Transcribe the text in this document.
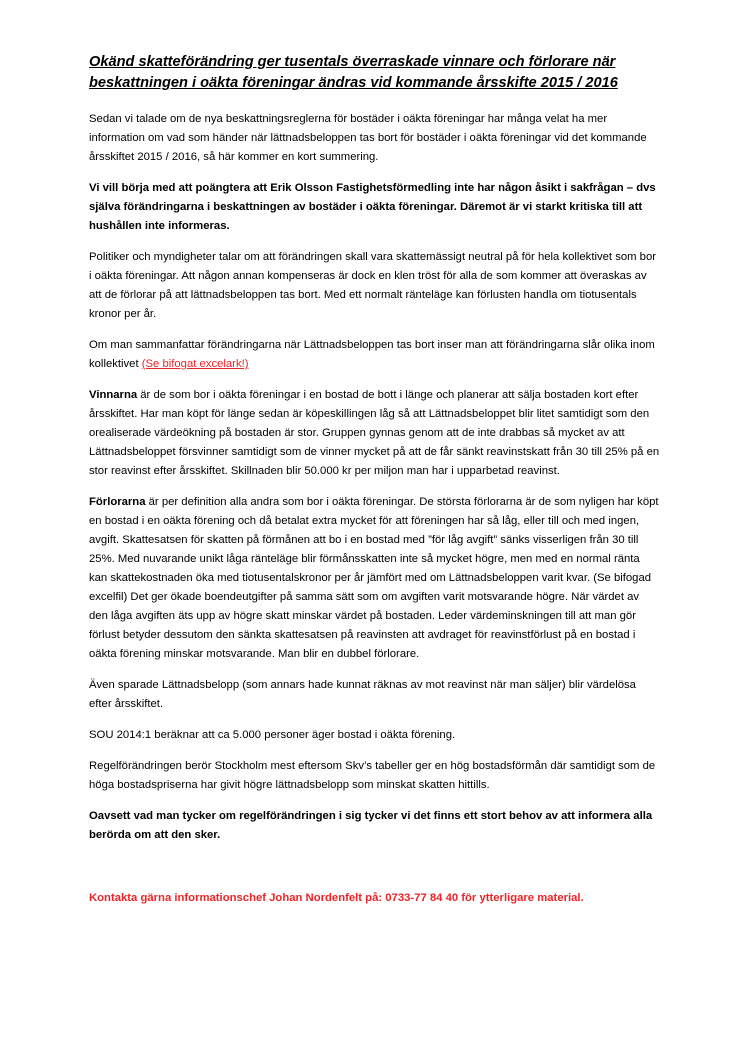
Okänd skatteförändring ger tusentals överraskade vinnare och förlorare när beskattningen i oäkta föreningar ändras vid kommande årsskifte 2015 / 2016

Sedan vi talade om de nya beskattningsreglerna för bostäder i oäkta föreningar har många velat ha mer information om vad som händer när lättnadsbeloppen tas bort för bostäder i oäkta föreningar vid det kommande årsskiftet 2015 / 2016, så här kommer en kort summering.

Vi vill börja med att poängtera att Erik Olsson Fastighetsförmedling inte har någon åsikt i sakfrågan – dvs själva förändringarna i beskattningen av bostäder i oäkta föreningar. Däremot är vi starkt kritiska till att hushållen inte informeras.

Politiker och myndigheter talar om att förändringen skall vara skattemässigt neutral på för hela kollektivet som bor i oäkta föreningar. Att någon annan kompenseras är dock en klen tröst för alla de som kommer att överaskas av att de förlorar på att lättnadsbeloppen tas bort. Med ett normalt ränteläge kan förlusten handla om tiotusentals kronor per år.

Om man sammanfattar förändringarna när Lättnadsbeloppen tas bort inser man att förändringarna slår olika inom kollektivet (Se bifogat excelark!)

Vinnarna är de som bor i oäkta föreningar i en bostad de bott i länge och planerar att sälja bostaden kort efter årsskiftet. Har man köpt för länge sedan är köpeskillingen låg så att Lättnadsbeloppet blir litet samtidigt som den orealiserade värdeökning på bostaden är stor. Gruppen gynnas genom att de inte drabbas så mycket av att Lättnadsbeloppet försvinner samtidigt som de vinner mycket på att de får sänkt reavinstskatt från 30 till 25% på en stor reavinst efter årsskiftet. Skillnaden blir 50.000 kr per miljon man har i upparbetad reavinst.

Förlorarna är per definition alla andra som bor i oäkta föreningar. De största förlorarna är de som nyligen har köpt en bostad i en oäkta förening och då betalat extra mycket för att föreningen har så låg, eller till och med ingen, avgift. Skattesatsen för skatten på förmånen att bo i en bostad med ”för låg avgift” sänks visserligen från 30 till 25%. Med nuvarande unikt låga ränteläge blir förmånsskatten inte så mycket högre, men med en normal ränta kan skattekostnaden öka med tiotusentalskronor per år jämfört med om Lättnadsbeloppen varit kvar. (Se bifogad excelfil) Det ger ökade boendeutgifter på samma sätt som om avgiften varit motsvarande högre. När värdet av den låga avgiften äts upp av högre skatt minskar värdet på bostaden. Leder värdeminskningen till att man gör förlust betyder dessutom den sänkta skattesatsen på reavinsten att avdraget för reavinstförlust på en bostad i oäkta förening minskar motsvarande. Man blir en dubbel förlorare.

Även sparade Lättnadsbelopp (som annars hade kunnat räknas av mot reavinst när man säljer) blir värdelösa efter årsskiftet.

SOU 2014:1 beräknar att ca 5.000 personer äger bostad i oäkta förening.

Regelförändringen berör Stockholm mest eftersom Skv’s tabeller ger en hög bostadsförmån där samtidigt som de höga bostadspriserna har givit högre lättnadsbelopp som minskat skatten hittills.

Oavsett vad man tycker om regelförändringen i sig tycker vi det finns ett stort behov av att informera alla berörda om att den sker.

Kontakta gärna informationschef Johan Nordenfelt på: 0733-77 84 40 för ytterligare material.
